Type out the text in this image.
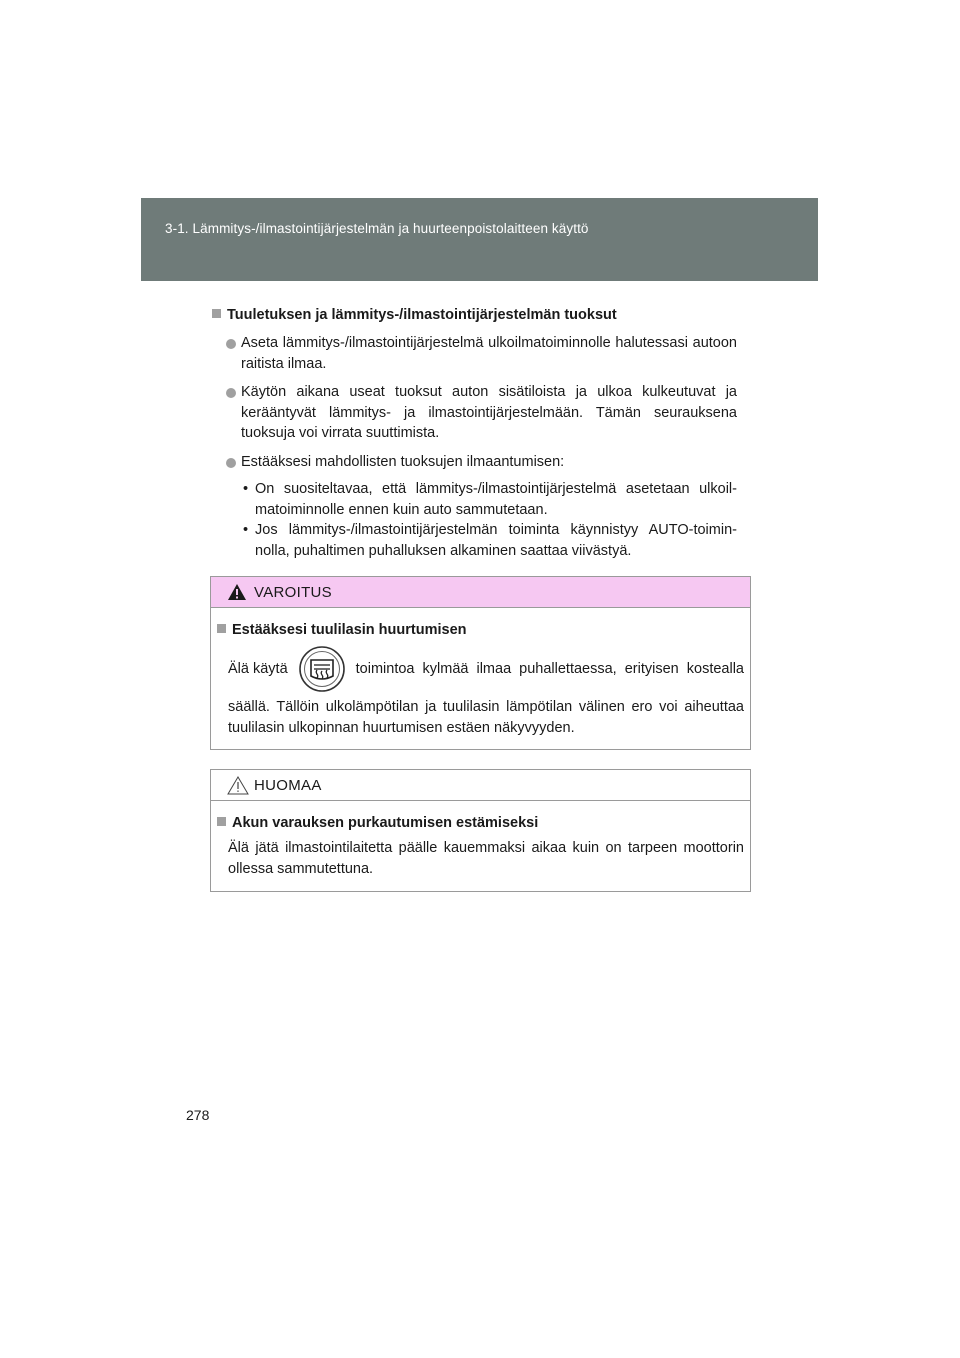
3-1. Lämmitys-/ilmastointijärjestelmän ja huurteenpoistolaitteen käyttö
Tuuletuksen ja lämmitys-/ilmastointijärjestelmän tuoksut
Aseta lämmitys-/ilmastointijärjestelmä ulkoilmatoiminnolle halutessasi autoon raitista ilmaa.
Käytön aikana useat tuoksut auton sisätiloista ja ulkoa kulkeutuvat ja kerääntyvät lämmitys- ja ilmastointijärjestelmään. Tämän seurauksena tuoksuja voi virrata suuttimista.
Estääksesi mahdollisten tuoksujen ilmaantumisen:
• On suositeltavaa, että lämmitys-/ilmastointijärjestelmä asetetaan ulkoilmatoiminnolle ennen kuin auto sammutetaan.
• Jos lämmitys-/ilmastointijärjestelmän toiminta käynnistyy AUTO-toiminnolla, puhaltimen puhalluksen alkaminen saattaa viivästyä.
VAROITUS
Estääksesi tuulilasin huurtumisen
Älä käytä	toimintoa kylmää ilmaa puhallettaessa, erityisen kostealla
säällä. Tällöin ulkolämpötilan ja tuulilasin lämpötilan välinen ero voi aiheuttaa tuulilasin ulkopinnan huurtumisen estäen näkyvyyden.
HUOMAA
Akun varauksen purkautumisen estämiseksi
Älä jätä ilmastointilaitetta päälle kauemmaksi aikaa kuin on tarpeen moottorin ollessa sammutettuna.
278
